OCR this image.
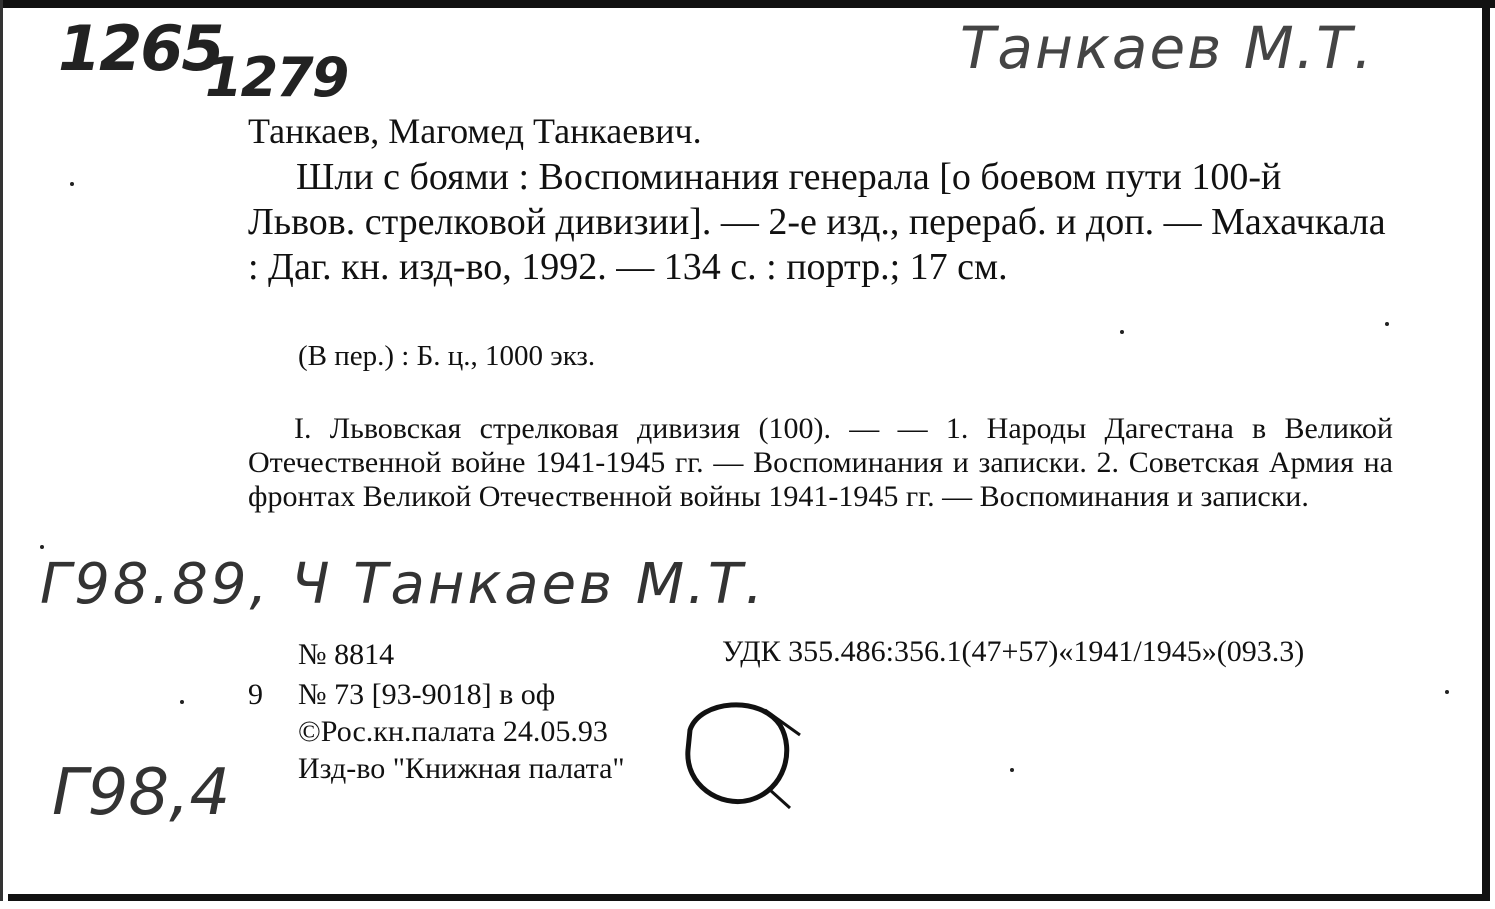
1265
1279	Танкаев М.Т.
Танкаев, Магомед Танкаевич.
Шли с боями : Воспоминания генерала [о боевом пути 100-й Львов. стрелковой дивизии]. — 2-е изд., перераб. и доп. — Махачкала : Даг. кн. изд-во, 1992. — 134 с. : портр.; 17 см.
(В пер.) : Б. ц., 1000 экз.
I. Львовская стрелковая дивизия (100). — — 1. Народы Дагестана в Великой Отечественной войне 1941-1945 гг. — Воспоминания и записки. 2. Советская Армия на фронтах Великой Отечественной войны 1941-1945 гг. — Воспоминания и записки.
Г98.89, Ч Танкаев М.Т.
№ 8814	УДК 355.486:356.1(47+57)«1941/1945»(093.3)
9 № 73 [93-9018] в оф
©Рос.кн.палата 24.05.93
Изд-во "Книжная палата"
Г98,4
